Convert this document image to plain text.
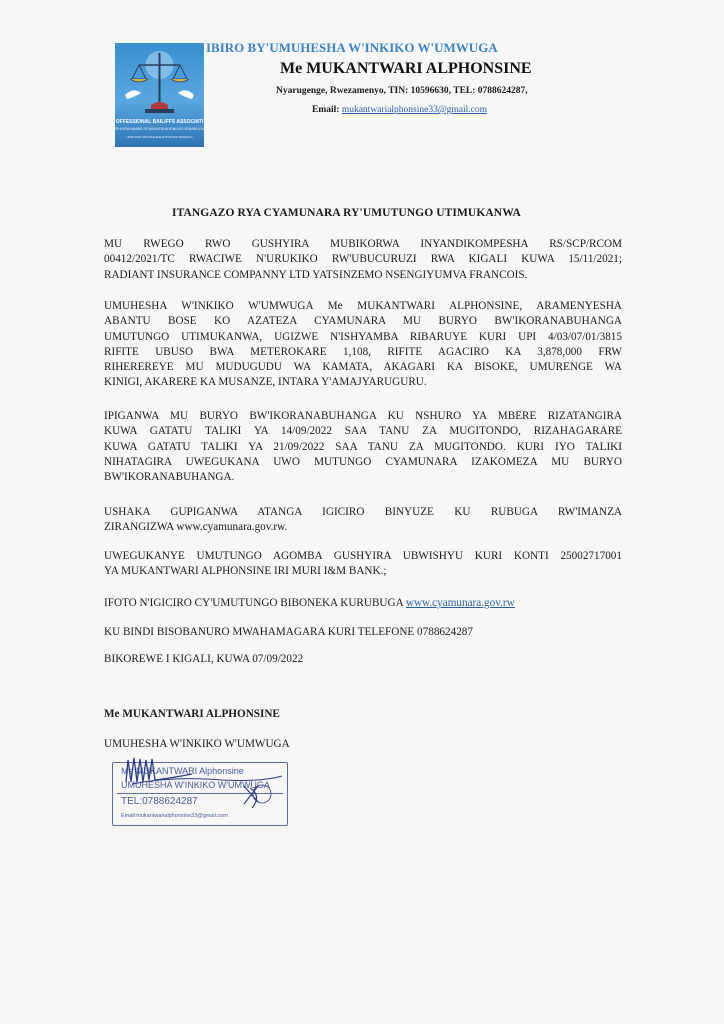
OFFESSIONAL BAILIFFS ASSOCIATI
ISHYIRAHAMWE RY'ABAHESHA B'INKIKO B'UMWUGA
URWUNGA RW'ABAHESHA B'INKIKO BIGENGA
IBIRO BY'UMUHESHA W'INKIKO W'UMWUGA
Me MUKANTWARI ALPHONSINE
Nyarugenge, Rwezamenyo, TIN: 10596630, TEL: 0788624287,
Email: mukantwarialphonsine33@gmail.com
ITANGAZO RYA CYAMUNARA RY'UMUTUNGO UTIMUKANWA
MU RWEGO RWO GUSHYIRA MUBIKORWA INYANDIKOMPESHA RS/SCP/RCOM
00412/2021/TC RWACIWE N'URUKIKO RW'UBUCURUZI RWA KIGALI KUWA 15/11/2021;
RADIANT INSURANCE COMPANNY LTD YATSINZEMO NSENGIYUMVA FRANCOIS.
UMUHESHA W'INKIKO W'UMWUGA Me MUKANTWARI ALPHONSINE, ARAMENYESHA
ABANTU BOSE KO AZATEZA CYAMUNARA MU BURYO BW'IKORANABUHANGA
UMUTUNGO UTIMUKANWA, UGIZWE N'ISHYAMBA RIBARUYE KURI UPI 4/03/07/01/3815
RIFITE UBUSO BWA METEROKARE 1,108, RIFITE AGACIRO KA 3,878,000 FRW
RIHEREREYE MU MUDUGUDU WA KAMATA, AKAGARI KA BISOKE, UMURENGE WA
KINIGI, AKARERE KA MUSANZE, INTARA Y'AMAJYARUGURU.
IPIGANWA MU BURYO BW'IKORANABUHANGA KU NSHURO YA MBERE RIZATANGIRA
KUWA GATATU TALIKI YA 14/09/2022 SAA TANU ZA MUGITONDO, RIZAHAGARARE
KUWA GATATU TALIKI YA 21/09/2022 SAA TANU ZA MUGITONDO. KURI IYO TALIKI
NIHATAGIRA UWEGUKANA UWO MUTUNGO CYAMUNARA IZAKOMEZA MU BURYO
BW'IKORANABUHANGA.
USHAKA GUPIGANWA ATANGA IGICIRO BINYUZE KU RUBUGA RW'IMANZA
ZIRANGIZWA www.cyamunara.gov.rw.
UWEGUKANYE UMUTUNGO AGOMBA GUSHYIRA UBWISHYU KURI KONTI 25002717001
YA MUKANTWARI ALPHONSINE IRI MURI I&M BANK.;
IFOTO N'IGICIRO CY'UMUTUNGO BIBONEKA KURUBUGA www.cyamunara.gov.rw
KU BINDI BISOBANURO MWAHAMAGARA KURI TELEFONE 0788624287
BIKOREWE I KIGALI, KUWA 07/09/2022
Me MUKANTWARI ALPHONSINE
UMUHESHA W'INKIKO W'UMWUGA
Me MUKANTWARI Alphonsine
UMUHESHA W'INKIKO W'UMWUGA
TEL:0788624287
Email:mukantwarialphonsine33@gmail.com
